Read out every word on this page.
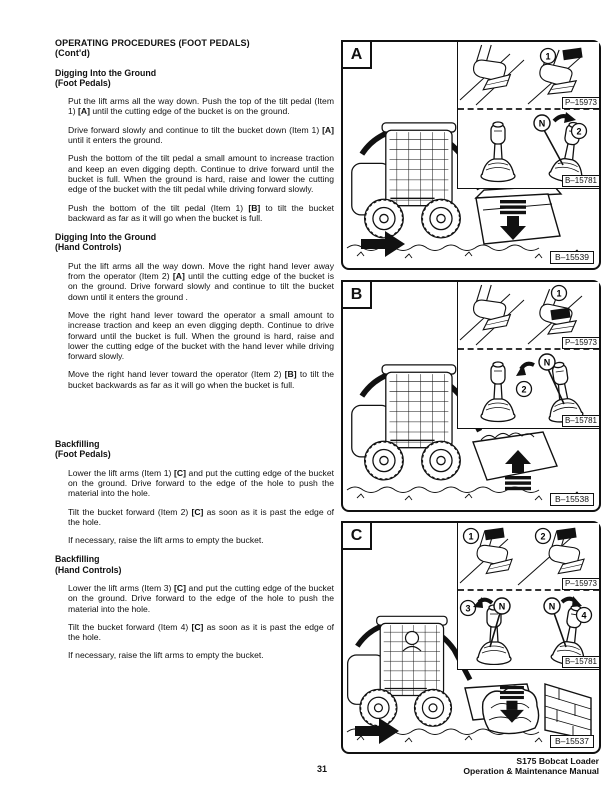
OPERATING PROCEDURES (FOOT PEDALS)
(Cont'd)
Digging Into the Ground
(Foot Pedals)

Put the lift arms all the way down. Push the top of the tilt pedal (Item 1) [A] until the cutting edge of the bucket is on the ground.

Drive forward slowly and continue to tilt the bucket down (Item 1) [A] until it enters the ground.

Push the bottom of the tilt pedal a small amount to increase traction and keep an even digging depth. Continue to drive forward until the bucket is full. When the ground is hard, raise and lower the cutting edge of the bucket with the tilt pedal while driving forward slowly.

Push the bottom of the tilt pedal (Item 1) [B] to tilt the bucket backward as far as it will go when the bucket is full.

Digging Into the Ground
(Hand Controls)

Put the lift arms all the way down. Move the right hand lever away from the operator (Item 2) [A] until the cutting edge of the bucket is on the ground. Drive forward slowly and continue to tilt the bucket down until it enters the ground .

Move the right hand lever toward the operator a small amount to increase traction and keep an even digging depth. Continue to drive forward until the bucket is full. When the ground is hard, raise and lower the cutting edge of the bucket with the hand lever while driving forward slowly.

Move the right hand lever toward the operator (Item 2) [B] to tilt the bucket backwards as far as it will go when the bucket is full.

Backfilling
(Foot Pedals)

Lower the lift arms (Item 1) [C] and put the cutting edge of the bucket on the ground. Drive forward to the edge of the hole to push the material into the hole.

Tilt the bucket forward (Item 2) [C] as soon as it is past the edge of the hole.

If necessary, raise the lift arms to empty the bucket.

Backfilling
(Hand Controls)

Lower the lift arms (Item 3) [C] and put the cutting edge of the bucket on the ground. Drive forward to the edge of the hole to push the material into the hole.

Tilt the bucket forward (Item 4) [C] as soon as it is past the edge of the hole.

If necessary, raise the lift arms to empty the bucket.

A	1
P–15973
N
2
B–15781
B–15539
B	1
P–15973
N
2
B–15781
B–15538
C	1	2
P–15973
3	N	N
4
B–15781
B–15537
31
S175 Bobcat Loader
Operation & Maintenance Manual
